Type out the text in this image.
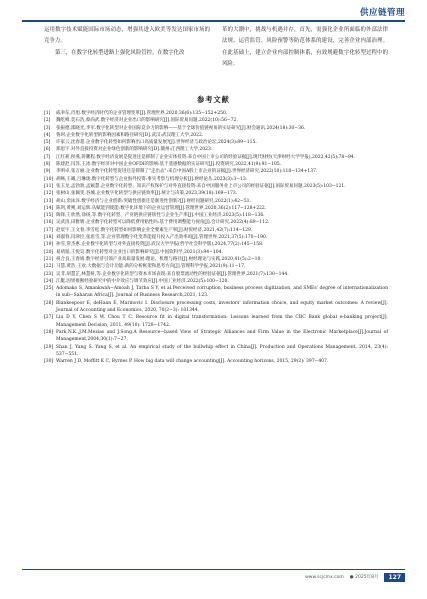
供应链管理

运用数字技术赋能国际市场动态，增强其进入欧美等发达国家市场的竞争力。

第三，在数字化转型进路上强化风险管控。在数字化改

革的大潮中，挑战与机遇并存，首先，需强化企业所面临的外部法律法规、运营监管、风险预警等防范体系的建设，完善企业内部治理。在此基础上，建立企业内部控制体系，有效规避数字化转型过程中的风险。

参考文献
[1]	戚聿东,肖旭.数字经济时代的企业管理变革[J].管理世界,2020,36(6):135−152+250.
[2]	魏屹峰,奕石浩,蔡尚武.数字经济对企业出口的影响研究[J].国际贸易问题,2022(10):56−72.
[3]	张振德,邵晓光,李军.数字化转型对企业国际竞争力的影响——基于全球价值链视角的实证研究[J].财会通讯,2024(18):30−36.
[4]	鲁珂.企业数字化转型的影响因素和路径研究[D].武汉:武汉理工大学,2022.
[5]	许家云,沈春超.企业数字化转型如何影响出口高质量发展?[J].世界经济与政治论坛,2024(3):89−115.
[6]	郑思宇.对外直接投资对企业绿色创新的影响研究[D].赣州:江西理工大学,2023.
[7]	江红莉,侯燕,蒋鹏程.数字经济发展是促进还是抑制了企业实体投资:来自中国上市公司的经验证据[J].现代财经(天津财经大学学报),2022,42(5):78−94.
[8]	陈建赵,闫苏,王冰.数字经济对中国企业OFDI的影响:基于遥感数据的实证研究[J].投资研究,2022,41(9):91−105.
[9]	李明卓,张万丽.企业数字化转型促进还是抑制了"走出去":来自中国A股上市企业的证据[J].世界经济研究,2022(10):118−134+137.
[10] 胡畅,王曦,吕琳珑.数字化转型与企业海外投资:事实考察与机理分析[J].财经论丛,2023(3):3−13.
[11] 张玉龙,孟勃勃,孟颖慧.企业数字化转型、知识产权保护与对外直接投资:来自中国服务业上市公司的经验证据[J].国际贸易问题,2023(5):103−121.
[12] 张树山,张佩雯,谷城.企业数字化转型与供应链效率[J].统计与决策,2023,39(18):169−173.
[13] 胡山,余泳泽.数字经济与企业创新:突破性创新还是渐进性创新?[J].财经问题研究,2022(1):42−51.
[14] 陈剑,黄朔,刘运辉.从赋能到使能:数字化环境下的企业运营管理[J].管理世界,2020,36(2):117−128+222.
[15] 陶锋,王欣然,徐扬,等.数字化转型、产业链供应链韧性与企业生产率[J].中国工业经济,2023(5):118−136.
[16] 吴武清,田雅婧.企业数字化转型可以降低费用粘性吗:基于费用调整能力视角[J].会计研究,2022(4):89−112.
[17] 赵宸宇,王文春,李雪松.数字化转型如何影响企业全要素生产率[J].财贸经济,2021,42(7):114−129.
[18] 刘淑春,闫津臣,张思雪,等.企业管理数字化变革能提升投入产出效率吗[J].管理世界,2021,37(5):170−190.
[19] 孙雪,常杰惠.企业数字化转型与对外直接投资[J].武汉大学学报(哲学社会科学版),2024,77(2):145−158.
[20] 易靖韬,王悦昊.数字化转型对企业出口的影响研究[J].中国软科学,2021(3):94−104.
[21] 祝合良,王春娟.数字经济引领产业高质量发展:理论、机理与路径[J].财经理论与实践,2020,41(5):2−10.
[22] 马慧,黄浩,王欢.大数据与会计功能:新的分析框架和思考方向[J].管理科学学报,2021(9):11−17.
[23] 吴非,胡慧芷,林慧妍,等.企业数字化转型与资本市场表现:来自股票流动性的经验证据[J].管理世界,2021(7):130−144.
[24] 江艇.因果推断经验研究中的中介效应与调节效应[J].中国工业经济,2022(5):100−120.
[25] Adomako S, Amankwah−Amoah J, Tarba S Y, et al.Perceived corruption, business process digitization, and SMEs' degree of internationalization in sub−Saharan Africa[J]. Journal of Business Research,2021, 123.
[26] Blankespoor E, deHaan E, Marinovic I. Disclosure processing costs, investors' information choice, and equity market outcomes: A review[J]. Journal of Accounting and Economics, 2020, 70(2−3): 101344.
[27] Liu D Y, Chen S W, Chou T C. Resource fit in digital transformation: Lessons learned from the CBC Bank global e-banking project[J]. Management Decision, 2011, 49(10): 1728−1742.
[28] Park,N.K.,J.M.Mezias and J.Song.A Resource−based View of Strategic Alliances and Firm Value in the Electronic Marketplace[J].Journal of Management,2004,30(1):7−27.
[29] Shan J, Yang S, Yang S, et al. An empirical study of the bullwhip effect in China[J]. Production and Operations Management, 2014, 23(4): 537−551.
[30] Warren J D, Moffitt K C, Byrnes P. How big data will change accounting[J]. Accounting horizons, 2015, 29(2): 397−407.
www.scjcmx.com ● 2025年8月	127
